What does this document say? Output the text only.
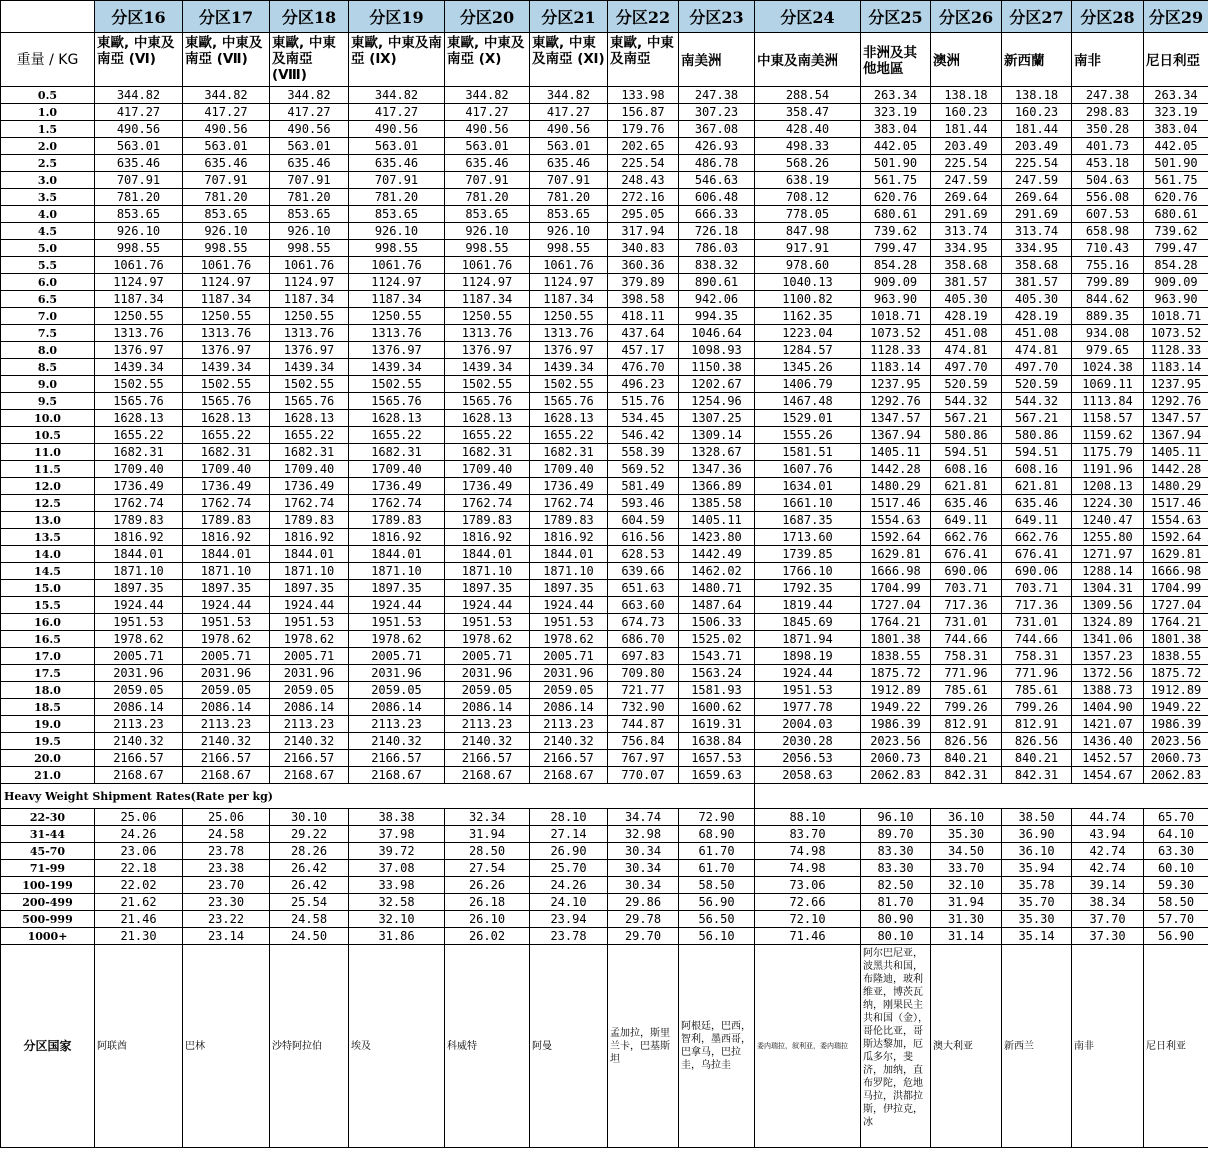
	分区16	分区17	分区18	分区19	分区20	分区21	分区22	分区23	分区24	分区25	分区26	分区27	分区28	分区29
重量 / KG	東歐, 中東及南亞 (Ⅵ)	東歐, 中東及南亞 (Ⅶ)	東歐, 中東及南亞 (Ⅷ)	東歐, 中東及南亞 (Ⅸ)	東歐, 中東及南亞 (Ⅹ)	東歐, 中東及南亞 (Ⅺ)	東歐, 中東及南亞	南美洲	中東及南美洲	非洲及其他地區	澳洲	新西蘭	南非	尼日利亞
0.5	344.82	344.82	344.82	344.82	344.82	344.82	133.98	247.38	288.54	263.34	138.18	138.18	247.38	263.34
1.0	417.27	417.27	417.27	417.27	417.27	417.27	156.87	307.23	358.47	323.19	160.23	160.23	298.83	323.19
1.5	490.56	490.56	490.56	490.56	490.56	490.56	179.76	367.08	428.40	383.04	181.44	181.44	350.28	383.04
2.0	563.01	563.01	563.01	563.01	563.01	563.01	202.65	426.93	498.33	442.05	203.49	203.49	401.73	442.05
2.5	635.46	635.46	635.46	635.46	635.46	635.46	225.54	486.78	568.26	501.90	225.54	225.54	453.18	501.90
3.0	707.91	707.91	707.91	707.91	707.91	707.91	248.43	546.63	638.19	561.75	247.59	247.59	504.63	561.75
3.5	781.20	781.20	781.20	781.20	781.20	781.20	272.16	606.48	708.12	620.76	269.64	269.64	556.08	620.76
4.0	853.65	853.65	853.65	853.65	853.65	853.65	295.05	666.33	778.05	680.61	291.69	291.69	607.53	680.61
4.5	926.10	926.10	926.10	926.10	926.10	926.10	317.94	726.18	847.98	739.62	313.74	313.74	658.98	739.62
5.0	998.55	998.55	998.55	998.55	998.55	998.55	340.83	786.03	917.91	799.47	334.95	334.95	710.43	799.47
5.5	1061.76	1061.76	1061.76	1061.76	1061.76	1061.76	360.36	838.32	978.60	854.28	358.68	358.68	755.16	854.28
6.0	1124.97	1124.97	1124.97	1124.97	1124.97	1124.97	379.89	890.61	1040.13	909.09	381.57	381.57	799.89	909.09
6.5	1187.34	1187.34	1187.34	1187.34	1187.34	1187.34	398.58	942.06	1100.82	963.90	405.30	405.30	844.62	963.90
7.0	1250.55	1250.55	1250.55	1250.55	1250.55	1250.55	418.11	994.35	1162.35	1018.71	428.19	428.19	889.35	1018.71
7.5	1313.76	1313.76	1313.76	1313.76	1313.76	1313.76	437.64	1046.64	1223.04	1073.52	451.08	451.08	934.08	1073.52
8.0	1376.97	1376.97	1376.97	1376.97	1376.97	1376.97	457.17	1098.93	1284.57	1128.33	474.81	474.81	979.65	1128.33
8.5	1439.34	1439.34	1439.34	1439.34	1439.34	1439.34	476.70	1150.38	1345.26	1183.14	497.70	497.70	1024.38	1183.14
9.0	1502.55	1502.55	1502.55	1502.55	1502.55	1502.55	496.23	1202.67	1406.79	1237.95	520.59	520.59	1069.11	1237.95
9.5	1565.76	1565.76	1565.76	1565.76	1565.76	1565.76	515.76	1254.96	1467.48	1292.76	544.32	544.32	1113.84	1292.76
10.0	1628.13	1628.13	1628.13	1628.13	1628.13	1628.13	534.45	1307.25	1529.01	1347.57	567.21	567.21	1158.57	1347.57
10.5	1655.22	1655.22	1655.22	1655.22	1655.22	1655.22	546.42	1309.14	1555.26	1367.94	580.86	580.86	1159.62	1367.94
11.0	1682.31	1682.31	1682.31	1682.31	1682.31	1682.31	558.39	1328.67	1581.51	1405.11	594.51	594.51	1175.79	1405.11
11.5	1709.40	1709.40	1709.40	1709.40	1709.40	1709.40	569.52	1347.36	1607.76	1442.28	608.16	608.16	1191.96	1442.28
12.0	1736.49	1736.49	1736.49	1736.49	1736.49	1736.49	581.49	1366.89	1634.01	1480.29	621.81	621.81	1208.13	1480.29
12.5	1762.74	1762.74	1762.74	1762.74	1762.74	1762.74	593.46	1385.58	1661.10	1517.46	635.46	635.46	1224.30	1517.46
13.0	1789.83	1789.83	1789.83	1789.83	1789.83	1789.83	604.59	1405.11	1687.35	1554.63	649.11	649.11	1240.47	1554.63
13.5	1816.92	1816.92	1816.92	1816.92	1816.92	1816.92	616.56	1423.80	1713.60	1592.64	662.76	662.76	1255.80	1592.64
14.0	1844.01	1844.01	1844.01	1844.01	1844.01	1844.01	628.53	1442.49	1739.85	1629.81	676.41	676.41	1271.97	1629.81
14.5	1871.10	1871.10	1871.10	1871.10	1871.10	1871.10	639.66	1462.02	1766.10	1666.98	690.06	690.06	1288.14	1666.98
15.0	1897.35	1897.35	1897.35	1897.35	1897.35	1897.35	651.63	1480.71	1792.35	1704.99	703.71	703.71	1304.31	1704.99
15.5	1924.44	1924.44	1924.44	1924.44	1924.44	1924.44	663.60	1487.64	1819.44	1727.04	717.36	717.36	1309.56	1727.04
16.0	1951.53	1951.53	1951.53	1951.53	1951.53	1951.53	674.73	1506.33	1845.69	1764.21	731.01	731.01	1324.89	1764.21
16.5	1978.62	1978.62	1978.62	1978.62	1978.62	1978.62	686.70	1525.02	1871.94	1801.38	744.66	744.66	1341.06	1801.38
17.0	2005.71	2005.71	2005.71	2005.71	2005.71	2005.71	697.83	1543.71	1898.19	1838.55	758.31	758.31	1357.23	1838.55
17.5	2031.96	2031.96	2031.96	2031.96	2031.96	2031.96	709.80	1563.24	1924.44	1875.72	771.96	771.96	1372.56	1875.72
18.0	2059.05	2059.05	2059.05	2059.05	2059.05	2059.05	721.77	1581.93	1951.53	1912.89	785.61	785.61	1388.73	1912.89
18.5	2086.14	2086.14	2086.14	2086.14	2086.14	2086.14	732.90	1600.62	1977.78	1949.22	799.26	799.26	1404.90	1949.22
19.0	2113.23	2113.23	2113.23	2113.23	2113.23	2113.23	744.87	1619.31	2004.03	1986.39	812.91	812.91	1421.07	1986.39
19.5	2140.32	2140.32	2140.32	2140.32	2140.32	2140.32	756.84	1638.84	2030.28	2023.56	826.56	826.56	1436.40	2023.56
20.0	2166.57	2166.57	2166.57	2166.57	2166.57	2166.57	767.97	1657.53	2056.53	2060.73	840.21	840.21	1452.57	2060.73
21.0	2168.67	2168.67	2168.67	2168.67	2168.67	2168.67	770.07	1659.63	2058.63	2062.83	842.31	842.31	1454.67	2062.83
Heavy Weight Shipment Rates(Rate per kg)														
22-30	25.06	25.06	30.10	38.38	32.34	28.10	34.74	72.90	88.10	96.10	36.10	38.50	44.74	65.70
31-44	24.26	24.58	29.22	37.98	31.94	27.14	32.98	68.90	83.70	89.70	35.30	36.90	43.94	64.10
45-70	23.06	23.78	28.26	39.72	28.50	26.90	30.34	61.70	74.98	83.30	34.50	36.10	42.74	63.30
71-99	22.18	23.38	26.42	37.08	27.54	25.70	30.34	61.70	74.98	83.30	33.70	35.94	42.74	60.10
100-199	22.02	23.70	26.42	33.98	26.26	24.26	30.34	58.50	73.06	82.50	32.10	35.78	39.14	59.30
200-499	21.62	23.30	25.54	32.58	26.18	24.10	29.86	56.90	72.66	81.70	31.94	35.70	38.34	58.50
500-999	21.46	23.22	24.58	32.10	26.10	23.94	29.78	56.50	72.10	80.90	31.30	35.30	37.70	57.70
1000+	21.30	23.14	24.50	31.86	26.02	23.78	29.70	56.10	71.46	80.10	31.14	35.14	37.30	56.90
分区国家	阿联酋	巴林	沙特阿拉伯	埃及	科威特	阿曼	孟加拉，斯里兰卡，巴基斯坦	阿根廷，巴西，智利，墨西哥，巴拿马，巴拉圭，乌拉圭	委内瑞拉，叙利亚，委内瑞拉	阿尔巴尼亚，波黑共和国，布隆迪，玻利维亚，博茨瓦纳，刚果民主共和国（金），哥伦比亚，哥斯达黎加，厄瓜多尔，斐济，加纳，直布罗陀，危地马拉，洪都拉斯，伊拉克，冰	澳大利亚	新西兰	南非	尼日利亚
